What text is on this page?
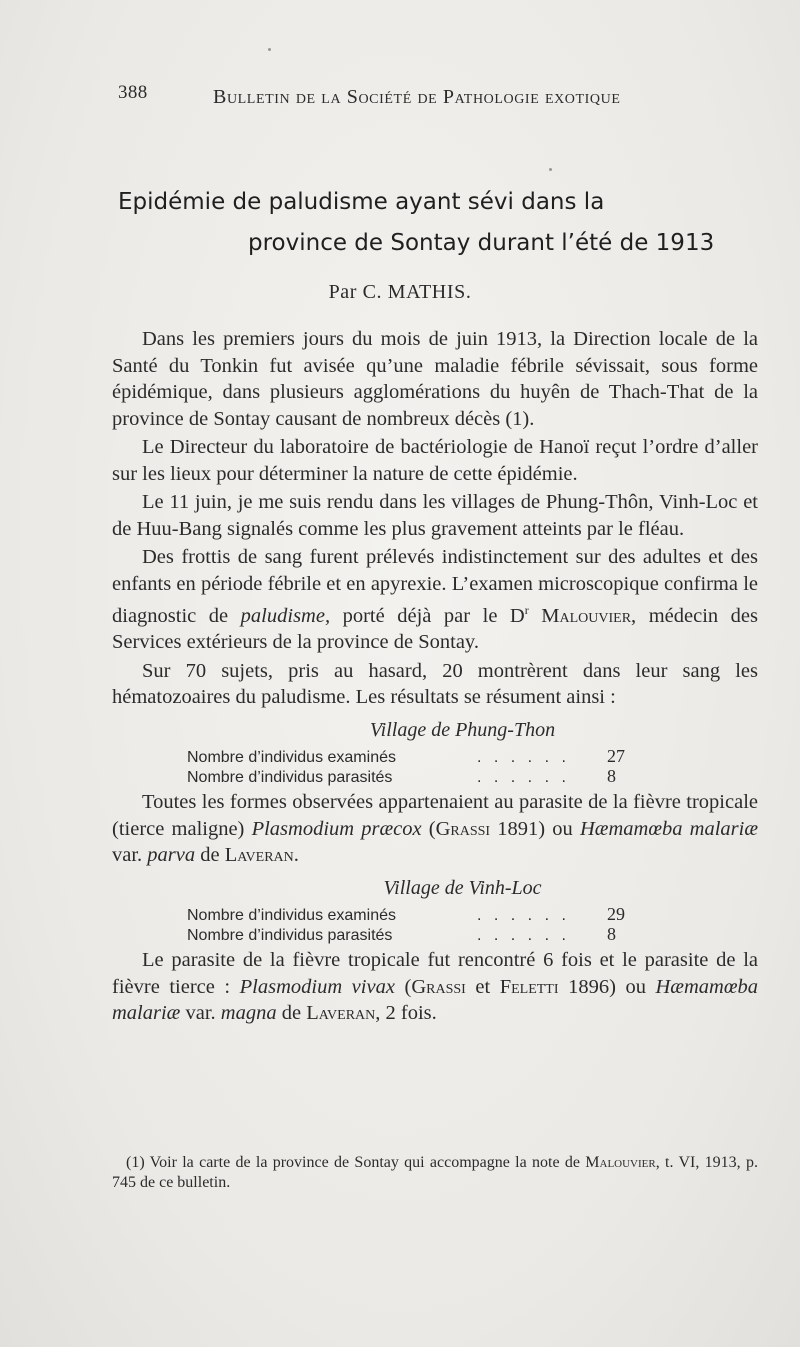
388	Bulletin de la Société de Pathologie exotique
Epidémie de paludisme ayant sévi dans la
province de Sontay durant l’été de 1913
Par C. MATHIS.

Dans les premiers jours du mois de juin 1913, la Direction locale de la Santé du Tonkin fut avisée qu’une maladie fébrile sévissait, sous forme épidémique, dans plusieurs agglomérations du huyên de Thach-That de la province de Sontay causant de nombreux décès (1).

Le Directeur du laboratoire de bactériologie de Hanoï reçut l’ordre d’aller sur les lieux pour déterminer la nature de cette épidémie.

Le 11 juin, je me suis rendu dans les villages de Phung-Thôn, Vinh-Loc et de Huu-Bang signalés comme les plus gravement atteints par le fléau.

Des frottis de sang furent prélevés indistinctement sur des adultes et des enfants en période fébrile et en apyrexie. L’examen microscopique confirma le diagnostic de paludisme, porté déjà par le $D^r$ Malouvier, médecin des Services extérieurs de la province de Sontay.

Sur 70 sujets, pris au hasard, 20 montrèrent dans leur sang les hématozoaires du paludisme. Les résultats se résument ainsi :

Village de Phung-Thon
Nombre d’individus examinés	. . . . . .	27
Nombre d’individus parasités	. . . . . .	8

Toutes les formes observées appartenaient au parasite de la fièvre tropicale (tierce maligne) Plasmodium præcox (Grassi 1891) ou Hæmamœba malariæ var. parva de Laveran.

Village de Vinh-Loc
Nombre d’individus examinés	. . . . . .	29
Nombre d’individus parasités	. . . . . .	8

Le parasite de la fièvre tropicale fut rencontré 6 fois et le parasite de la fièvre tierce : Plasmodium vivax (Grassi et Feletti 1896) ou Hæmamœba malariæ var. magna de Laveran, 2 fois.

(1) Voir la carte de la province de Sontay qui accompagne la note de Malouvier, t. VI, 1913, p. 745 de ce bulletin.
